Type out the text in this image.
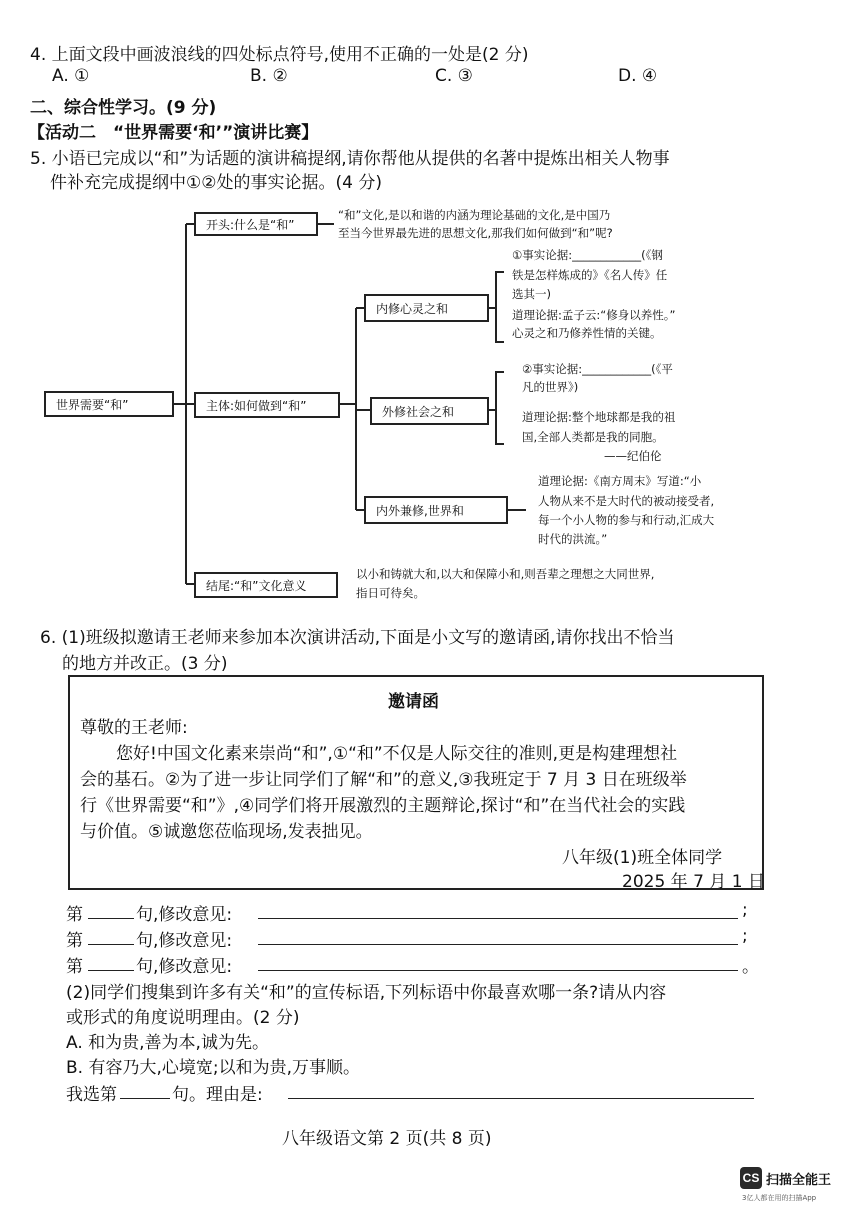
4. 上面文段中画波浪线的四处标点符号,使用不正确的一处是(2 分)
A. ①	B. ②	C. ③	D. ④
二、综合性学习。(9 分)
【活动二　“世界需要‘和’”演讲比赛】
5. 小语已完成以“和”为话题的演讲稿提纲,请你帮他从提供的名著中提炼出相关人物事
件补充完成提纲中①②处的事实论据。(4 分)
世界需要“和”
开头:什么是“和”
主体:如何做到“和”
结尾:“和”文化意义
内修心灵之和
外修社会之和
内外兼修,世界和
“和”文化,是以和谐的内涵为理论基础的文化,是中国乃
至当今世界最先进的思想文化,那我们如何做到“和”呢?
①事实论据:____________(《钢
铁是怎样炼成的》《名人传》任
选其一)
道理论据:孟子云:“修身以养性。”
心灵之和乃修养性情的关键。
②事实论据:____________(《平
凡的世界》)
道理论据:整个地球都是我的祖
国,全部人类都是我的同胞。
——纪伯伦
道理论据:《南方周末》写道:“小
人物从来不是大时代的被动接受者,
每一个小人物的参与和行动,汇成大
时代的洪流。”
以小和铸就大和,以大和保障小和,则吾辈之理想之大同世界,
指日可待矣。
6. (1)班级拟邀请王老师来参加本次演讲活动,下面是小文写的邀请函,请你找出不恰当
的地方并改正。(3 分)
邀请函
尊敬的王老师:
您好!中国文化素来崇尚“和”,①“和”不仅是人际交往的准则,更是构建理想社
会的基石。②为了进一步让同学们了解“和”的意义,③我班定于 7 月 3 日在班级举
行《世界需要“和”》,④同学们将开展激烈的主题辩论,探讨“和”在当代社会的实践
与价值。⑤诚邀您莅临现场,发表拙见。
八年级(1)班全体同学
2025 年 7 月 1 日
第	句,修改意见:	;
第	句,修改意见:	;
第	句,修改意见:	。
(2)同学们搜集到许多有关“和”的宣传标语,下列标语中你最喜欢哪一条?请从内容
或形式的角度说明理由。(2 分)
A. 和为贵,善为本,诚为先。
B. 有容乃大,心境宽;以和为贵,万事顺。
我选第	句。理由是:
八年级语文第 2 页(共 8 页)
CS 扫描全能王
3亿人都在用的扫描App
